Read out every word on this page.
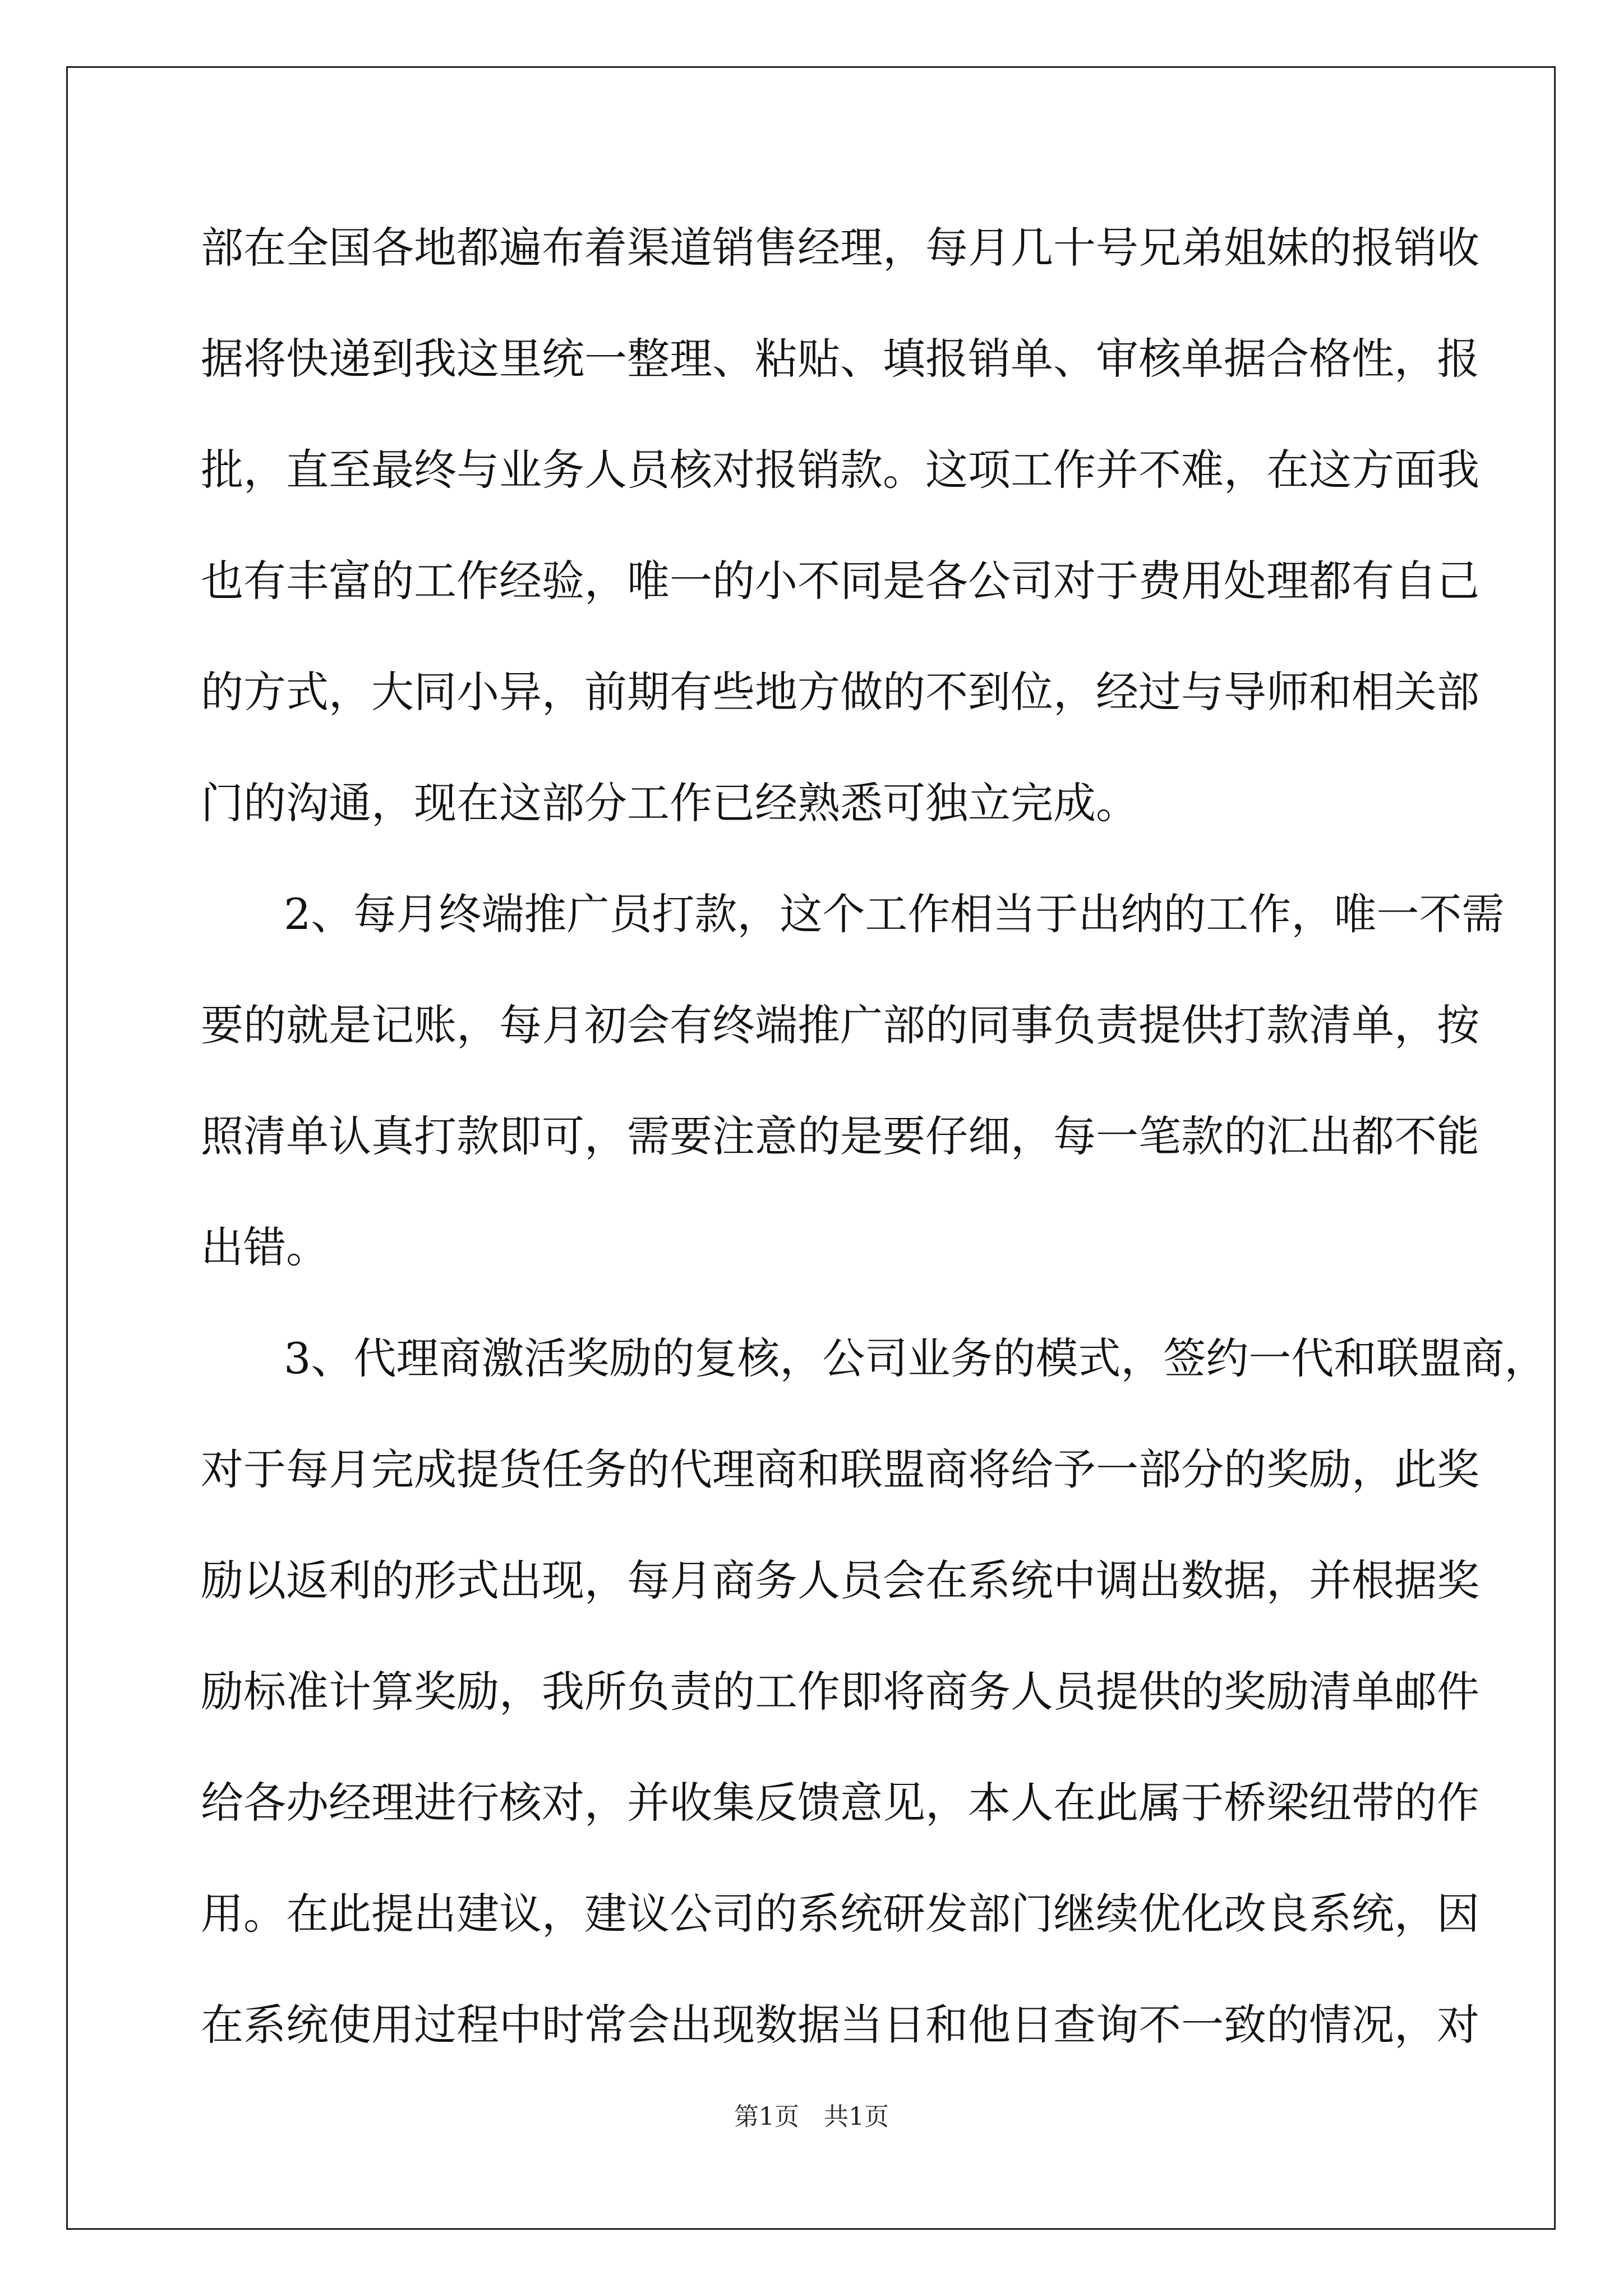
部在全国各地都遍布着渠道销售经理，每月几十号兄弟姐妹的报销收
据将快递到我这里统一整理、粘贴、填报销单、审核单据合格性，报
批，直至最终与业务人员核对报销款。这项工作并不难，在这方面我
也有丰富的工作经验，唯一的小不同是各公司对于费用处理都有自己
的方式，大同小异，前期有些地方做的不到位，经过与导师和相关部
门的沟通，现在这部分工作已经熟悉可独立完成。
2、每月终端推广员打款，这个工作相当于出纳的工作，唯一不需
要的就是记账，每月初会有终端推广部的同事负责提供打款清单，按
照清单认真打款即可，需要注意的是要仔细，每一笔款的汇出都不能
出错。
3、代理商激活奖励的复核，公司业务的模式，签约一代和联盟商，
对于每月完成提货任务的代理商和联盟商将给予一部分的奖励，此奖
励以返利的形式出现，每月商务人员会在系统中调出数据，并根据奖
励标准计算奖励，我所负责的工作即将商务人员提供的奖励清单邮件
给各办经理进行核对，并收集反馈意见，本人在此属于桥梁纽带的作
用。在此提出建议，建议公司的系统研发部门继续优化改良系统，因
在系统使用过程中时常会出现数据当日和他日查询不一致的情况，对
第1页　共1页
